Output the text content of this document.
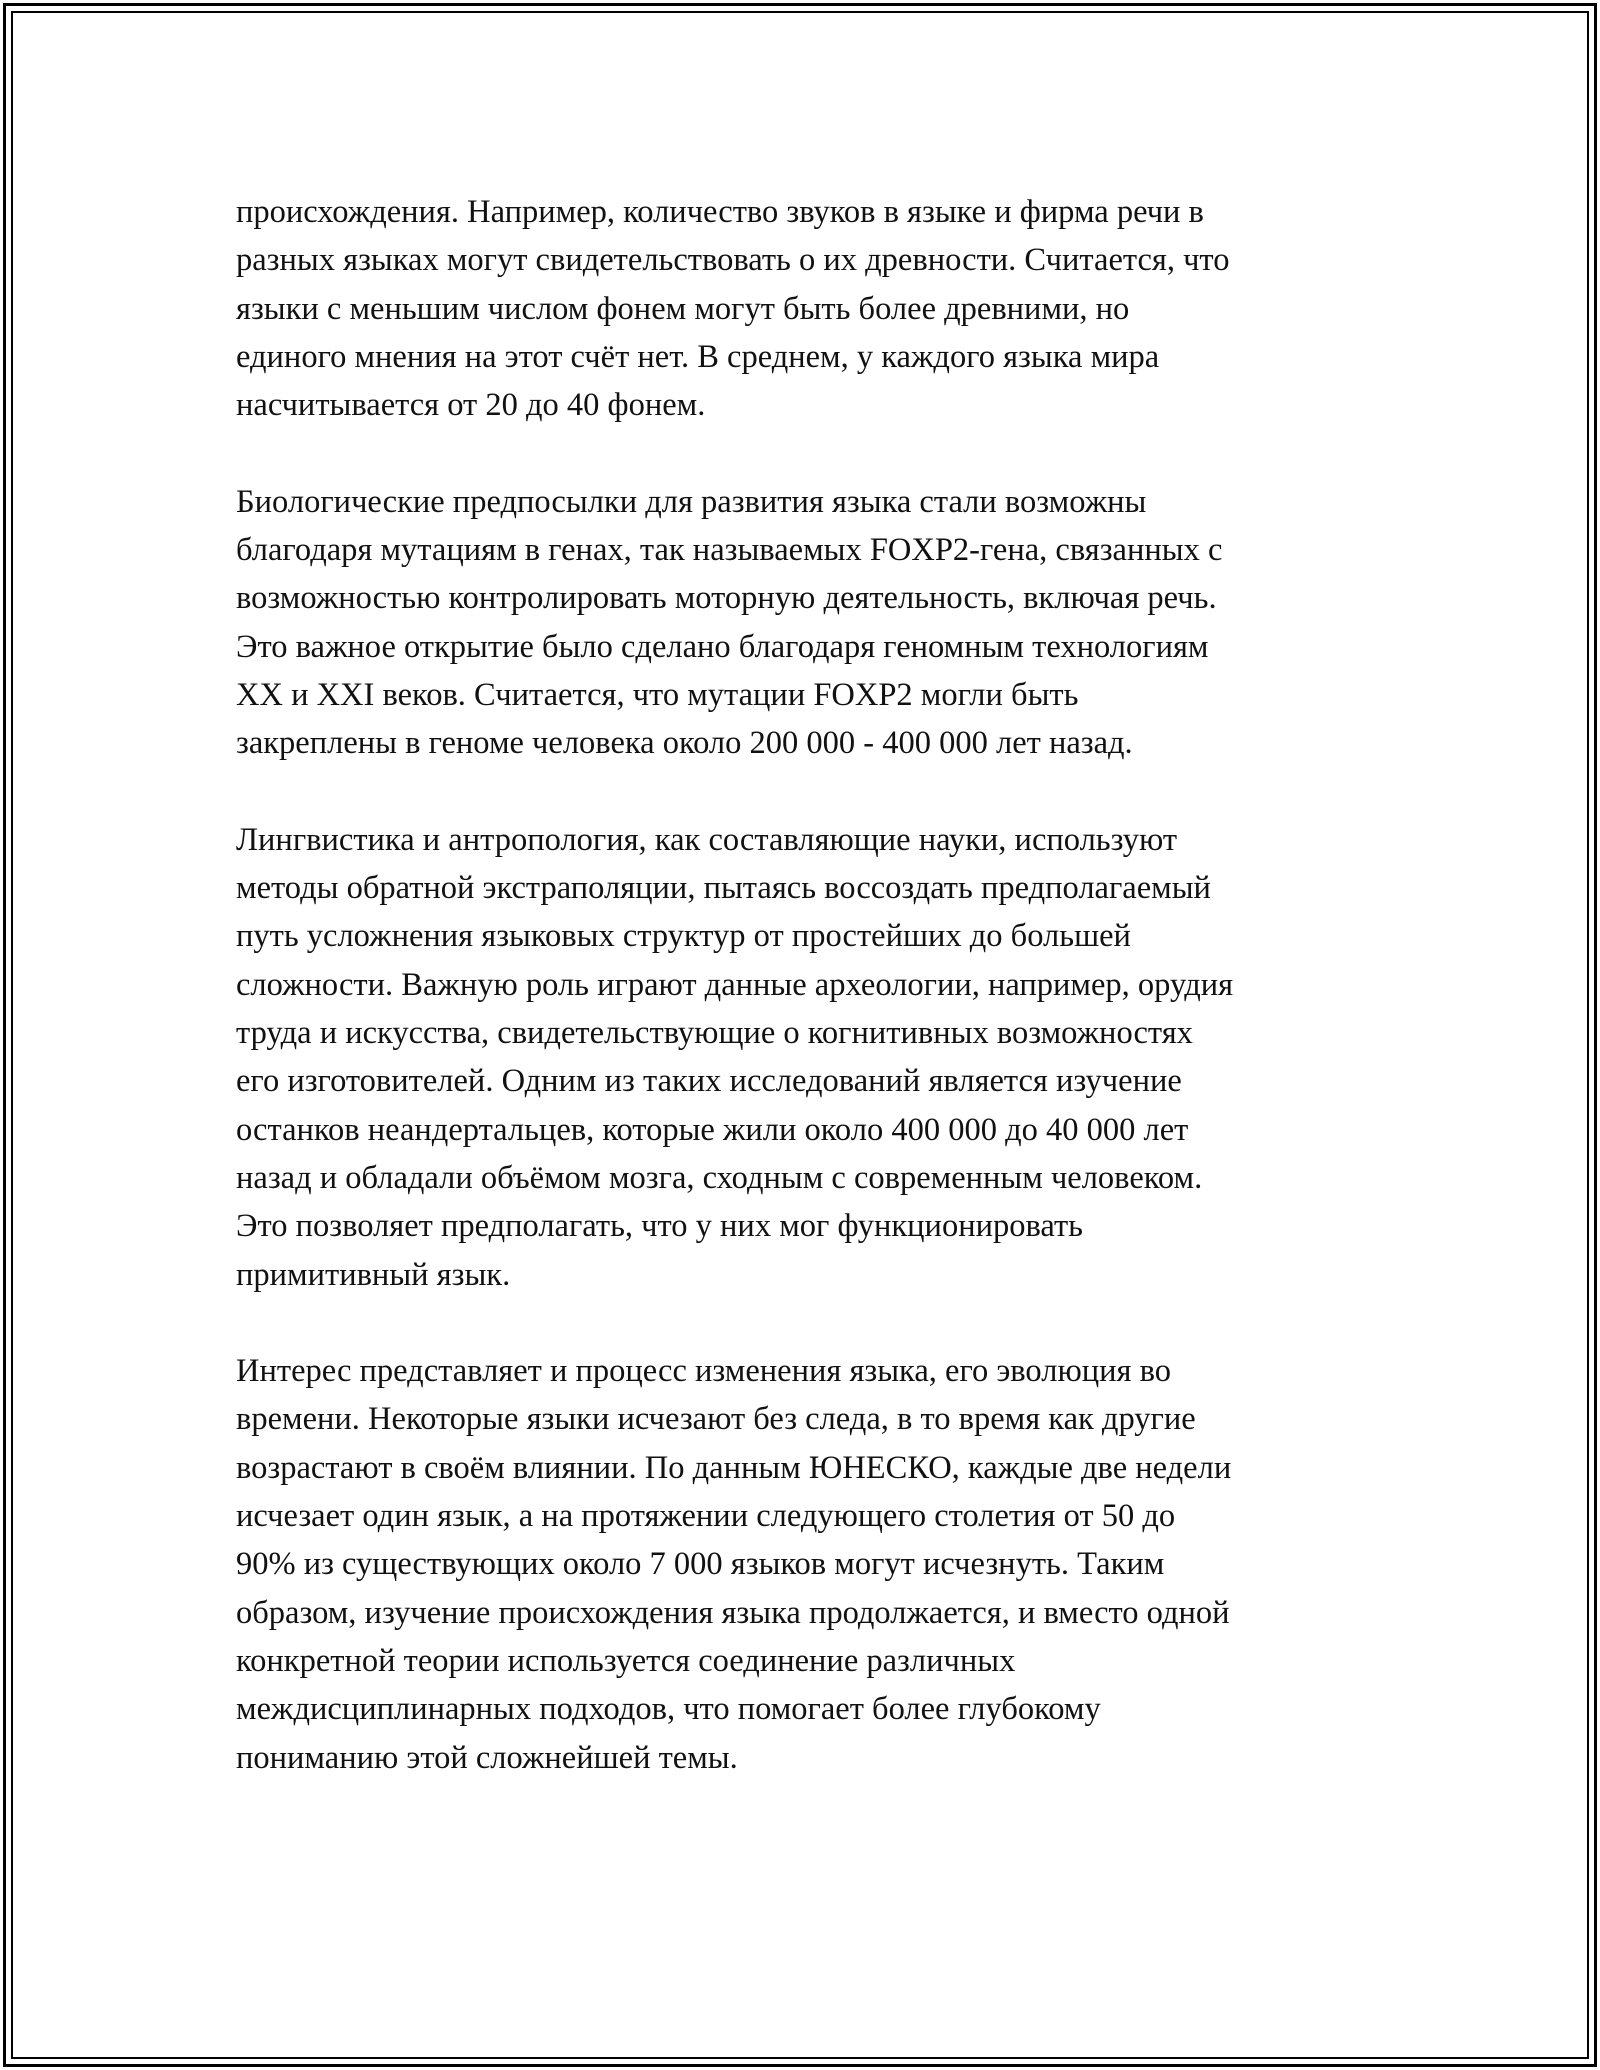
происхождения. Например, количество звуков в языке и фирма речи в
разных языках могут свидетельствовать о их древности. Считается, что
языки с меньшим числом фонем могут быть более древними, но
единого мнения на этот счёт нет. В среднем, у каждого языка мира
насчитывается от 20 до 40 фонем.

Биологические предпосылки для развития языка стали возможны
благодаря мутациям в генах, так называемых FOXP2-гена, связанных с
возможностью контролировать моторную деятельность, включая речь.
Это важное открытие было сделано благодаря геномным технологиям
XX и XXI веков. Считается, что мутации FOXP2 могли быть
закреплены в геноме человека около 200 000 - 400 000 лет назад.

Лингвистика и антропология, как составляющие науки, используют
методы обратной экстраполяции, пытаясь воссоздать предполагаемый
путь усложнения языковых структур от простейших до большей
сложности. Важную роль играют данные археологии, например, орудия
труда и искусства, свидетельствующие о когнитивных возможностях
его изготовителей. Одним из таких исследований является изучение
останков неандертальцев, которые жили около 400 000 до 40 000 лет
назад и обладали объёмом мозга, сходным с современным человеком.
Это позволяет предполагать, что у них мог функционировать
примитивный язык.

Интерес представляет и процесс изменения языка, его эволюция во
времени. Некоторые языки исчезают без следа, в то время как другие
возрастают в своём влиянии. По данным ЮНЕСКО, каждые две недели
исчезает один язык, а на протяжении следующего столетия от 50 до
90% из существующих около 7 000 языков могут исчезнуть. Таким
образом, изучение происхождения языка продолжается, и вместо одной
конкретной теории используется соединение различных
междисциплинарных подходов, что помогает более глубокому
пониманию этой сложнейшей темы.
